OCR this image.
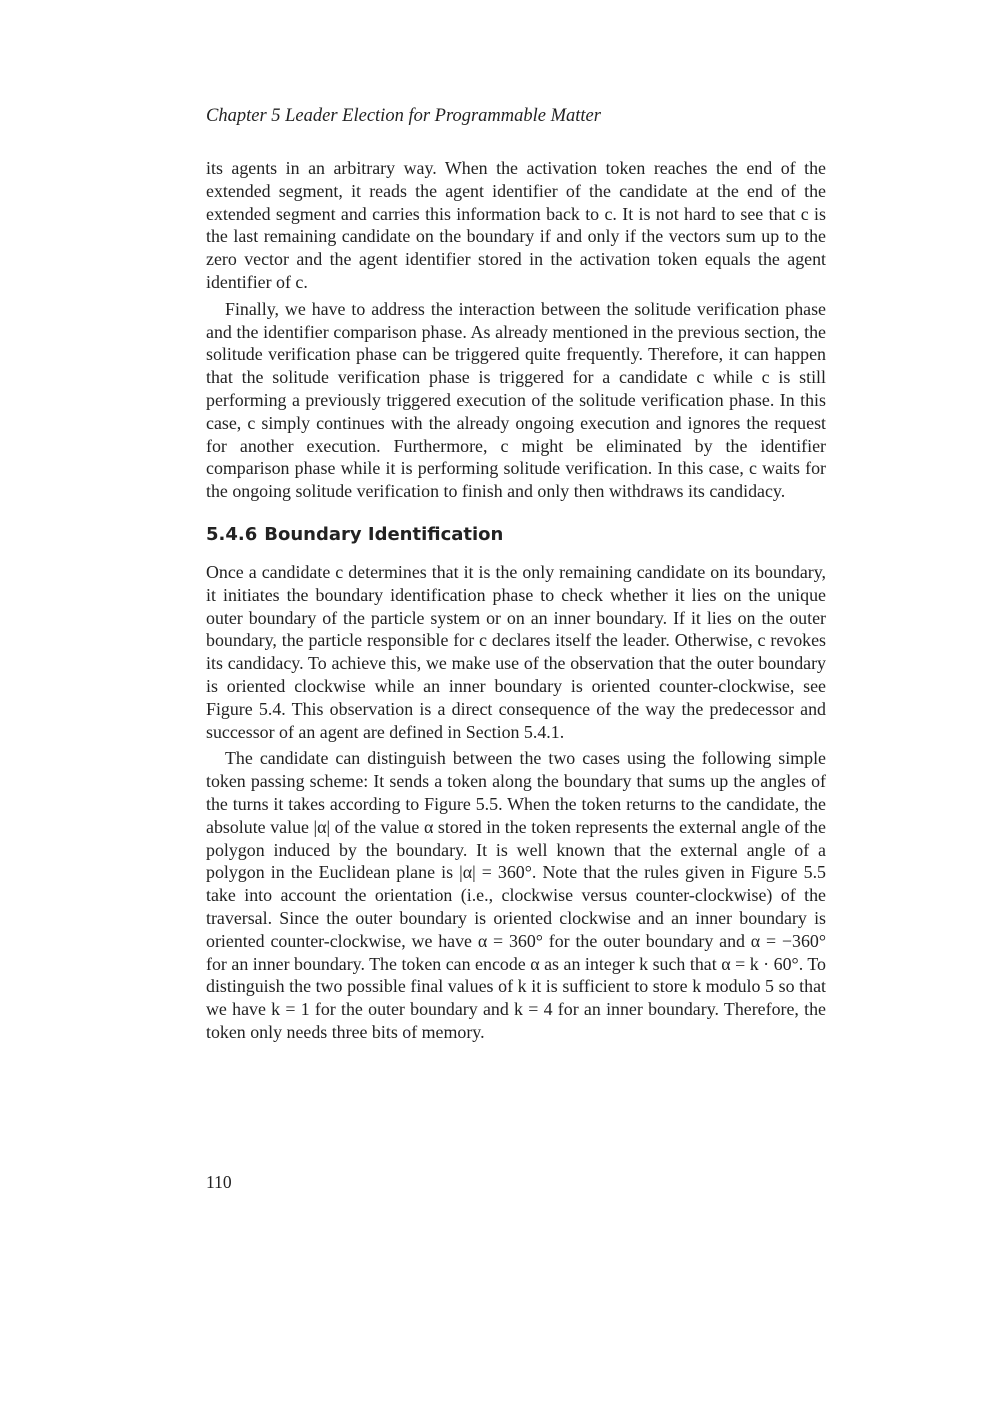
Chapter 5 Leader Election for Programmable Matter

its agents in an arbitrary way. When the activation token reaches the end of the extended segment, it reads the agent identifier of the candidate at the end of the extended segment and carries this information back to c. It is not hard to see that c is the last remaining candidate on the boundary if and only if the vectors sum up to the zero vector and the agent identifier stored in the activation token equals the agent identifier of c.

Finally, we have to address the interaction between the solitude verification phase and the identifier comparison phase. As already mentioned in the previous section, the solitude verification phase can be triggered quite frequently. Therefore, it can happen that the solitude verification phase is triggered for a candidate c while c is still performing a previously triggered execution of the solitude verification phase. In this case, c simply continues with the already ongoing execution and ignores the request for another execution. Furthermore, c might be eliminated by the identifier comparison phase while it is performing solitude verification. In this case, c waits for the ongoing solitude verification to finish and only then withdraws its candidacy.

5.4.6 Boundary Identification

Once a candidate c determines that it is the only remaining candidate on its boundary, it initiates the boundary identification phase to check whether it lies on the unique outer boundary of the particle system or on an inner boundary. If it lies on the outer boundary, the particle responsible for c declares itself the leader. Otherwise, c revokes its candidacy. To achieve this, we make use of the observation that the outer boundary is oriented clockwise while an inner boundary is oriented counter-clockwise, see Figure 5.4. This observation is a direct consequence of the way the predecessor and successor of an agent are defined in Section 5.4.1.

The candidate can distinguish between the two cases using the following simple token passing scheme: It sends a token along the boundary that sums up the angles of the turns it takes according to Figure 5.5. When the token returns to the candidate, the absolute value |α| of the value α stored in the token represents the external angle of the polygon induced by the boundary. It is well known that the external angle of a polygon in the Euclidean plane is |α| = 360°. Note that the rules given in Figure 5.5 take into account the orientation (i.e., clockwise versus counter-clockwise) of the traversal. Since the outer boundary is oriented clockwise and an inner boundary is oriented counter-clockwise, we have α = 360° for the outer boundary and α = −360° for an inner boundary. The token can encode α as an integer k such that α = k · 60°. To distinguish the two possible final values of k it is sufficient to store k modulo 5 so that we have k = 1 for the outer boundary and k = 4 for an inner boundary. Therefore, the token only needs three bits of memory.

110
